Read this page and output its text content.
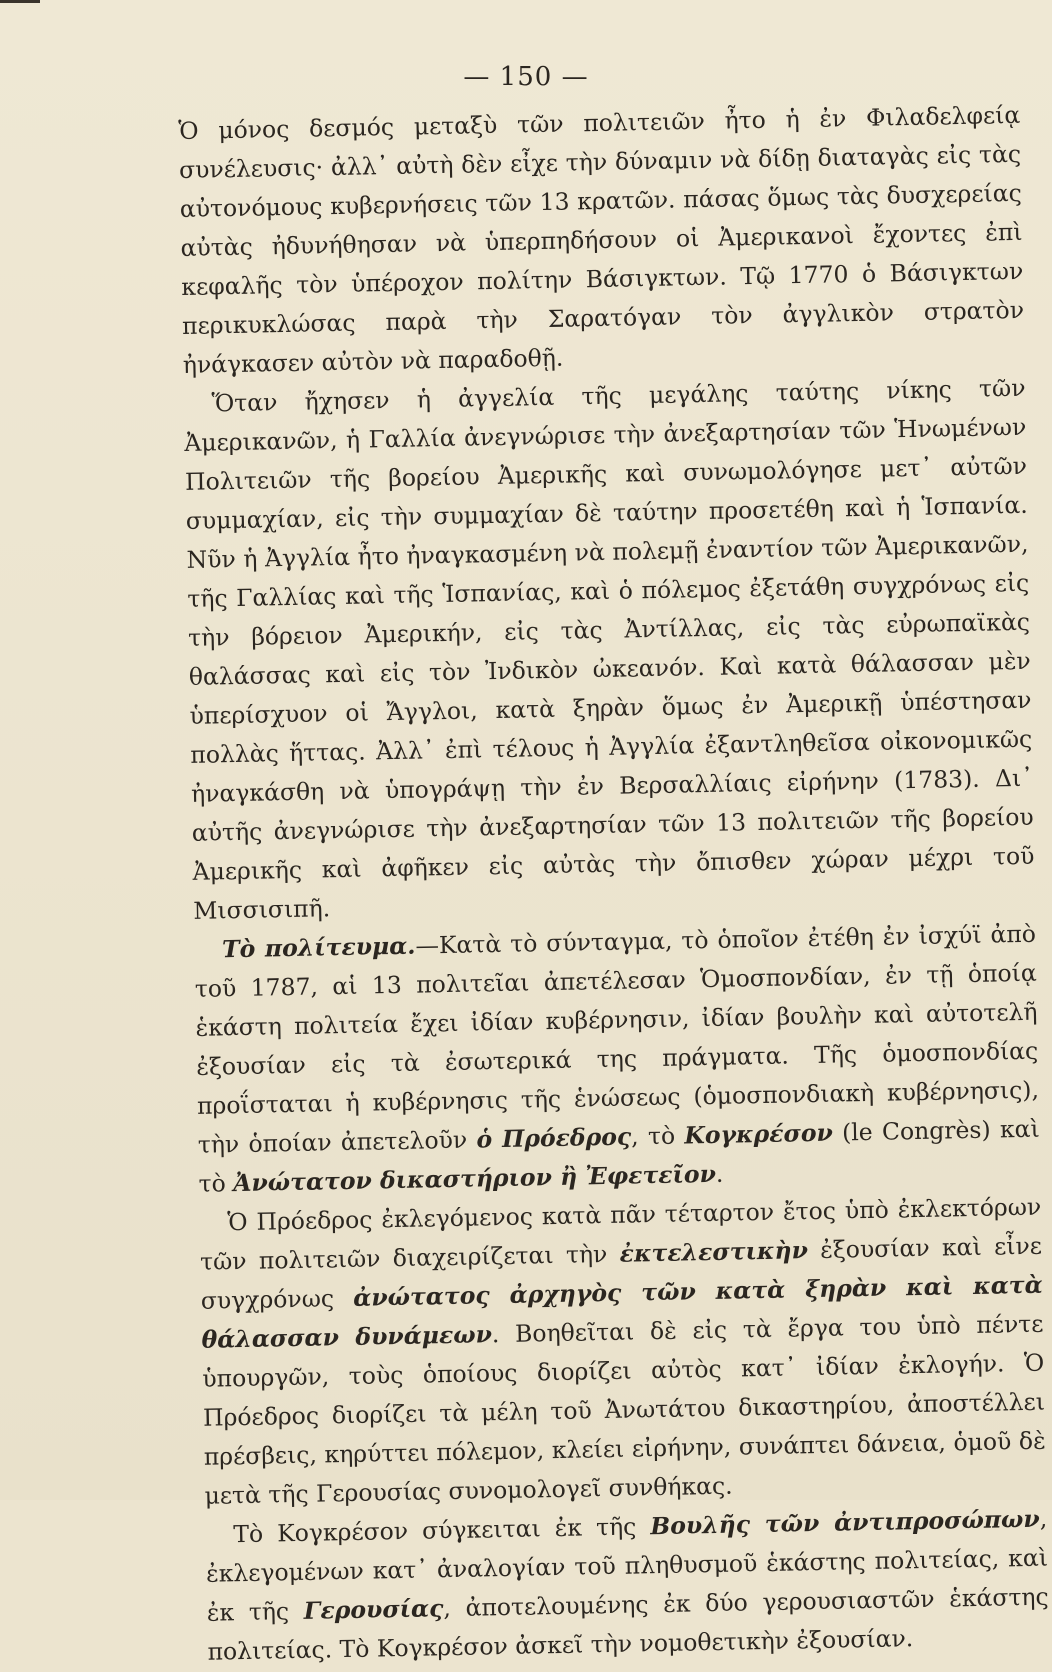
— 150 —

Ὁ μόνος δεσμός μεταξὺ τῶν πολιτειῶν ἦτο ἡ ἐν Φιλαδελφείᾳ συνέλευσις· ἀλλ᾿ αὐτὴ δὲν εἶχε τὴν δύναμιν νὰ δίδῃ διαταγὰς εἰς τὰς αὐτονόμους κυβερνήσεις τῶν 13 κρατῶν. πάσας ὅμως τὰς δυσχερείας αὐτὰς ἠδυνήθησαν νὰ ὑπερπηδήσουν οἱ Ἀμερικανοὶ ἔχοντες ἐπὶ κεφαλῆς τὸν ὑπέροχον πολίτην Βάσιγκτων. Τῷ 1770 ὁ Βάσιγκτων περικυκλώσας παρὰ τὴν Σαρατόγαν τὸν ἀγγλικὸν στρατὸν ἠνάγκασεν αὐτὸν νὰ παραδοθῇ.

Ὅταν ἤχησεν ἡ ἀγγελία τῆς μεγάλης ταύτης νίκης τῶν Ἀμερικανῶν, ἡ Γαλλία ἀνεγνώρισε τὴν ἀνεξαρτησίαν τῶν Ἡνωμένων Πολιτειῶν τῆς βορείου Ἀμερικῆς καὶ συνωμολόγησε μετ᾿ αὐτῶν συμμαχίαν, εἰς τὴν συμμαχίαν δὲ ταύτην προσετέθη καὶ ἡ Ἱσπανία. Νῦν ἡ Ἀγγλία ἦτο ἠναγκασμένη νὰ πολεμῇ ἐναντίον τῶν Ἀμερικανῶν, τῆς Γαλλίας καὶ τῆς Ἱσπανίας, καὶ ὁ πόλεμος ἐξετάθη συγχρόνως εἰς τὴν βόρειον Ἀμερικήν, εἰς τὰς Ἀντίλλας, εἰς τὰς εὐρωπαϊκὰς θαλάσσας καὶ εἰς τὸν Ἰνδικὸν ὠκεανόν. Καὶ κατὰ θάλασσαν μὲν ὑπερίσχυον οἱ Ἄγγλοι, κατὰ ξηρὰν ὅμως ἐν Ἀμερικῇ ὑπέστησαν πολλὰς ἥττας. Ἀλλ᾿ ἐπὶ τέλους ἡ Ἀγγλία ἐξαντληθεῖσα οἰκονομικῶς ἠναγκάσθη νὰ ὑπογράψῃ τὴν ἐν Βερσαλλίαις εἰρήνην (1783). Δι᾿ αὐτῆς ἀνεγνώρισε τὴν ἀνεξαρτησίαν τῶν 13 πολιτειῶν τῆς βορείου Ἀμερικῆς καὶ ἀφῆκεν εἰς αὐτὰς τὴν ὄπισθεν χώραν μέχρι τοῦ Μισσισιπῆ.

Τὸ πολίτευμα.—Κατὰ τὸ σύνταγμα, τὸ ὁποῖον ἐτέθη ἐν ἰσχύϊ ἀπὸ τοῦ 1787, αἱ 13 πολιτεῖαι ἀπετέλεσαν Ὁμοσπονδίαν, ἐν τῇ ὁποίᾳ ἑκάστη πολιτεία ἔχει ἰδίαν κυβέρνησιν, ἰδίαν βουλὴν καὶ αὐτοτελῆ ἐξουσίαν εἰς τὰ ἐσωτερικά της πράγματα. Τῆς ὁμοσπονδίας προΐσταται ἡ κυβέρνησις τῆς ἑνώσεως (ὁμοσπονδιακὴ κυβέρνησις), τὴν ὁποίαν ἀπετελοῦν ὁ Πρόεδρος, τὸ Κογκρέσον (le Congrès) καὶ τὸ Ἀνώτατον δικαστήριον ἢ Ἐφετεῖον.

Ὁ Πρόεδρος ἐκλεγόμενος κατὰ πᾶν τέταρτον ἔτος ὑπὸ ἐκλεκτόρων τῶν πολιτειῶν διαχειρίζεται τὴν ἐκτελεστικὴν ἐξουσίαν καὶ εἶνε συγχρόνως ἀνώτατος ἀρχηγὸς τῶν κατὰ ξηρὰν καὶ κατὰ θάλασσαν δυνάμεων. Βοηθεῖται δὲ εἰς τὰ ἔργα του ὑπὸ πέντε ὑπουργῶν, τοὺς ὁποίους διορίζει αὐτὸς κατ᾿ ἰδίαν ἐκλογήν. Ὁ Πρόεδρος διορίζει τὰ μέλη τοῦ Ἀνωτάτου δικαστηρίου, ἀποστέλλει πρέσβεις, κηρύττει πόλεμον, κλείει εἰρήνην, συνάπτει δάνεια, ὁμοῦ δὲ μετὰ τῆς Γερουσίας συνομολογεῖ συνθήκας.

Τὸ Κογκρέσον σύγκειται ἐκ τῆς Βουλῆς τῶν ἀντιπροσώπων, ἐκλεγομένων κατ᾿ ἀναλογίαν τοῦ πληθυσμοῦ ἑκάστης πολιτείας, καὶ ἐκ τῆς Γερουσίας, ἀποτελουμένης ἐκ δύο γερουσιαστῶν ἑκάστης πολιτείας. Τὸ Κογκρέσον ἀσκεῖ τὴν νομοθετικὴν ἐξουσίαν.
